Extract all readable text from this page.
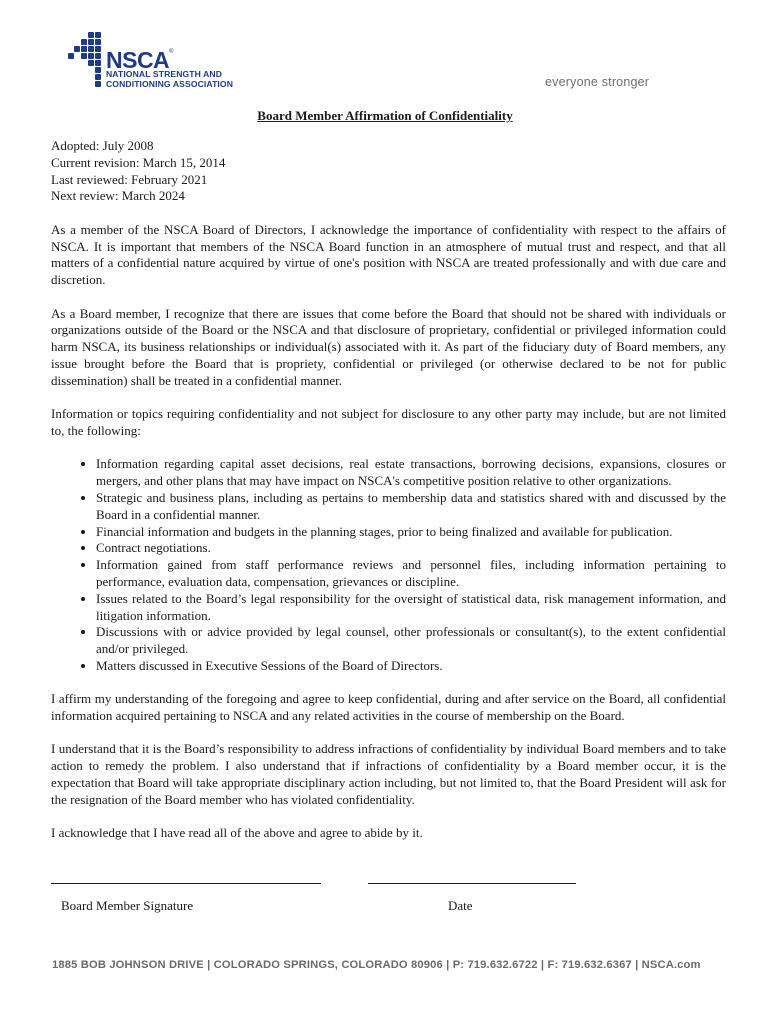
NSCA®
NATIONAL STRENGTH AND
CONDITIONING ASSOCIATION	everyone stronger
Board Member Affirmation of Confidentiality

Adopted: July 2008
Current revision: March 15, 2014
Last reviewed: February 2021
Next review: March 2024

As a member of the NSCA Board of Directors, I acknowledge the importance of confidentiality with respect to the affairs of NSCA. It is important that members of the NSCA Board function in an atmosphere of mutual trust and respect, and that all matters of a confidential nature acquired by virtue of one's position with NSCA are treated professionally and with due care and discretion.

As a Board member, I recognize that there are issues that come before the Board that should not be shared with individuals or organizations outside of the Board or the NSCA and that disclosure of proprietary, confidential or privileged information could harm NSCA, its business relationships or individual(s) associated with it. As part of the fiduciary duty of Board members, any issue brought before the Board that is propriety, confidential or privileged (or otherwise declared to be not for public dissemination) shall be treated in a confidential manner.

Information or topics requiring confidentiality and not subject for disclosure to any other party may include, but are not limited to, the following:

• Information regarding capital asset decisions, real estate transactions, borrowing decisions, expansions, closures or mergers, and other plans that may have impact on NSCA's competitive position relative to other organizations.
• Strategic and business plans, including as pertains to membership data and statistics shared with and discussed by the Board in a confidential manner.
• Financial information and budgets in the planning stages, prior to being finalized and available for publication.
• Contract negotiations.
• Information gained from staff performance reviews and personnel files, including information pertaining to performance, evaluation data, compensation, grievances or discipline.
• Issues related to the Board’s legal responsibility for the oversight of statistical data, risk management information, and litigation information.
• Discussions with or advice provided by legal counsel, other professionals or consultant(s), to the extent confidential and/or privileged.
• Matters discussed in Executive Sessions of the Board of Directors.

I affirm my understanding of the foregoing and agree to keep confidential, during and after service on the Board, all confidential information acquired pertaining to NSCA and any related activities in the course of membership on the Board.

I understand that it is the Board’s responsibility to address infractions of confidentiality by individual Board members and to take action to remedy the problem. I also understand that if infractions of confidentiality by a Board member occur, it is the expectation that Board will take appropriate disciplinary action including, but not limited to, that the Board President will ask for the resignation of the Board member who has violated confidentiality.

I acknowledge that I have read all of the above and agree to abide by it.

Board Member Signature	Date
1885 BOB JOHNSON DRIVE | COLORADO SPRINGS, COLORADO 80906 | P: 719.632.6722 | F: 719.632.6367 | NSCA.com
